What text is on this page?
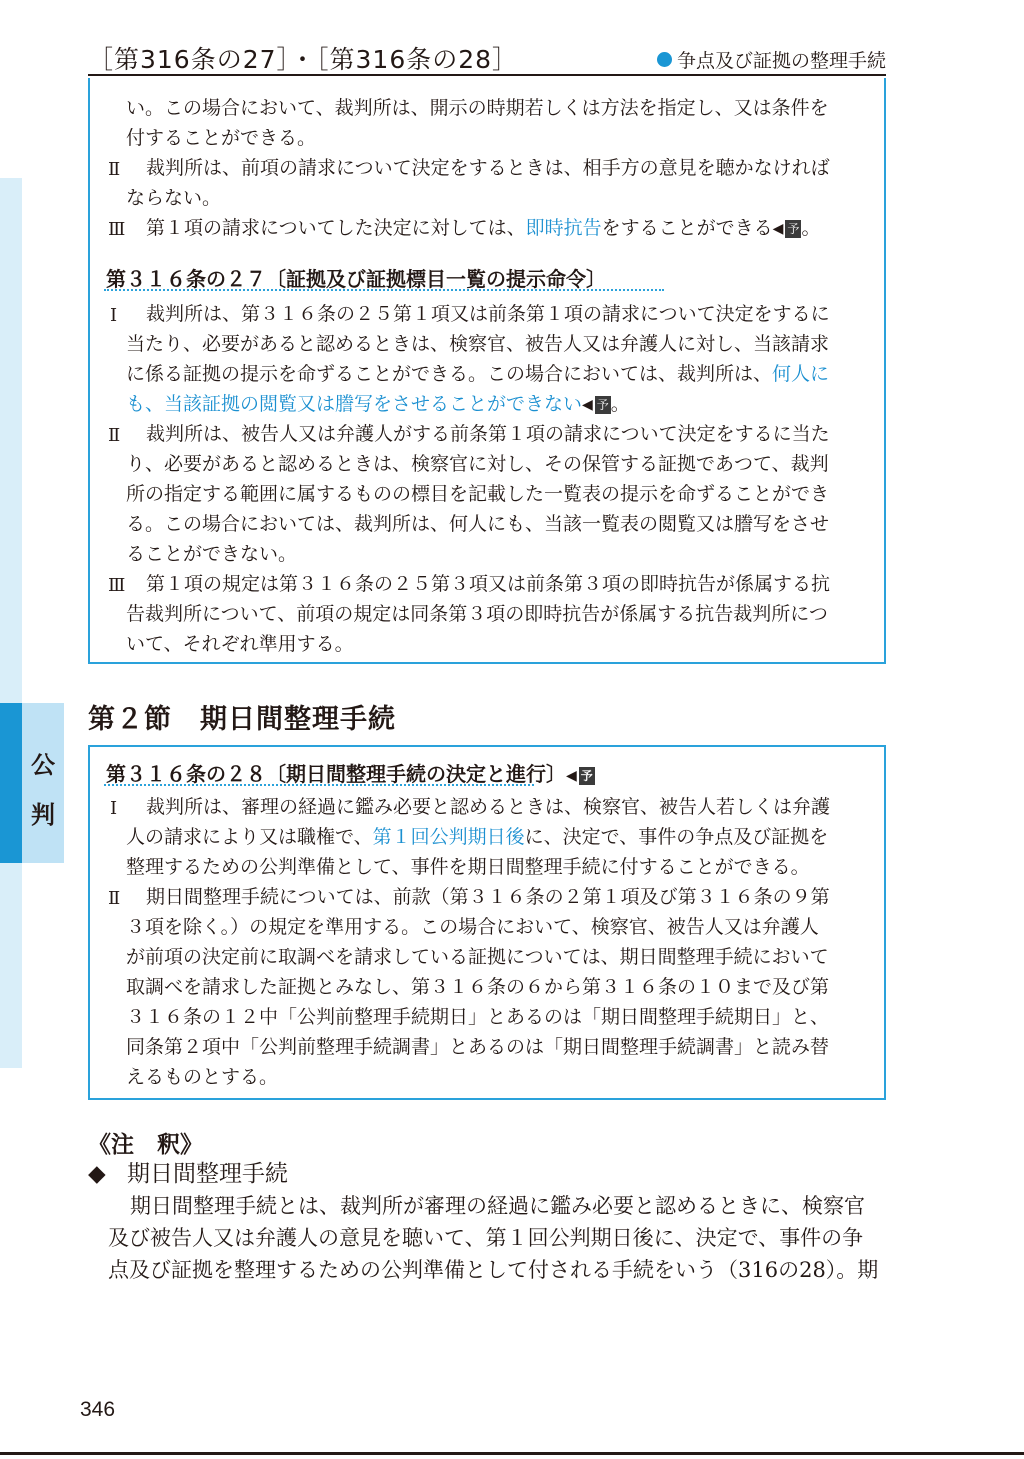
［第316条の27］・［第316条の28］	争点及び証拠の整理手続
公
判
い。この場合において、裁判所は、開示の時期若しくは方法を指定し、又は条件を
付することができる。
Ⅱ 裁判所は、前項の請求について決定をするときは、相手方の意見を聴かなければ
ならない。
Ⅲ 第１項の請求についてした決定に対しては、即時抗告をすることができる◀ 予 。
第３１６条の２７〔証拠及び証拠標目一覧の提示命令〕
Ⅰ 裁判所は、第３１６条の２５第１項又は前条第１項の請求について決定をするに
当たり、必要があると認めるときは、検察官、被告人又は弁護人に対し、当該請求
に係る証拠の提示を命ずることができる。この場合においては、裁判所は、何人に
も、当該証拠の閲覧又は謄写をさせることができない◀ 予 。
Ⅱ 裁判所は、被告人又は弁護人がする前条第１項の請求について決定をするに当た
り、必要があると認めるときは、検察官に対し、その保管する証拠であつて、裁判
所の指定する範囲に属するものの標目を記載した一覧表の提示を命ずることができ
る。この場合においては、裁判所は、何人にも、当該一覧表の閲覧又は謄写をさせ
ることができない。
Ⅲ 第１項の規定は第３１６条の２５第３項又は前条第３項の即時抗告が係属する抗
告裁判所について、前項の規定は同条第３項の即時抗告が係属する抗告裁判所につ
いて、それぞれ準用する。
第２節　期日間整理手続
第３１６条の２８〔期日間整理手続の決定と進行〕◀ 予
Ⅰ 裁判所は、審理の経過に鑑み必要と認めるときは、検察官、被告人若しくは弁護
人の請求により又は職権で、第１回公判期日後に、決定で、事件の争点及び証拠を
整理するための公判準備として、事件を期日間整理手続に付することができる。
Ⅱ 期日間整理手続については、前款（第３１６条の２第１項及び第３１６条の９第
３項を除く。）の規定を準用する。この場合において、検察官、被告人又は弁護人
が前項の決定前に取調べを請求している証拠については、期日間整理手続において
取調べを請求した証拠とみなし、第３１６条の６から第３１６条の１０まで及び第
３１６条の１２中「公判前整理手続期日」とあるのは「期日間整理手続期日」と、
同条第２項中「公判前整理手続調書」とあるのは「期日間整理手続調書」と読み替
えるものとする。
《注　釈》
◆ 期日間整理手続
期日間整理手続とは、裁判所が審理の経過に鑑み必要と認めるときに、検察官
及び被告人又は弁護人の意見を聴いて、第１回公判期日後に、決定で、事件の争
点及び証拠を整理するための公判準備として付される手続をいう（316の28）。期
346
